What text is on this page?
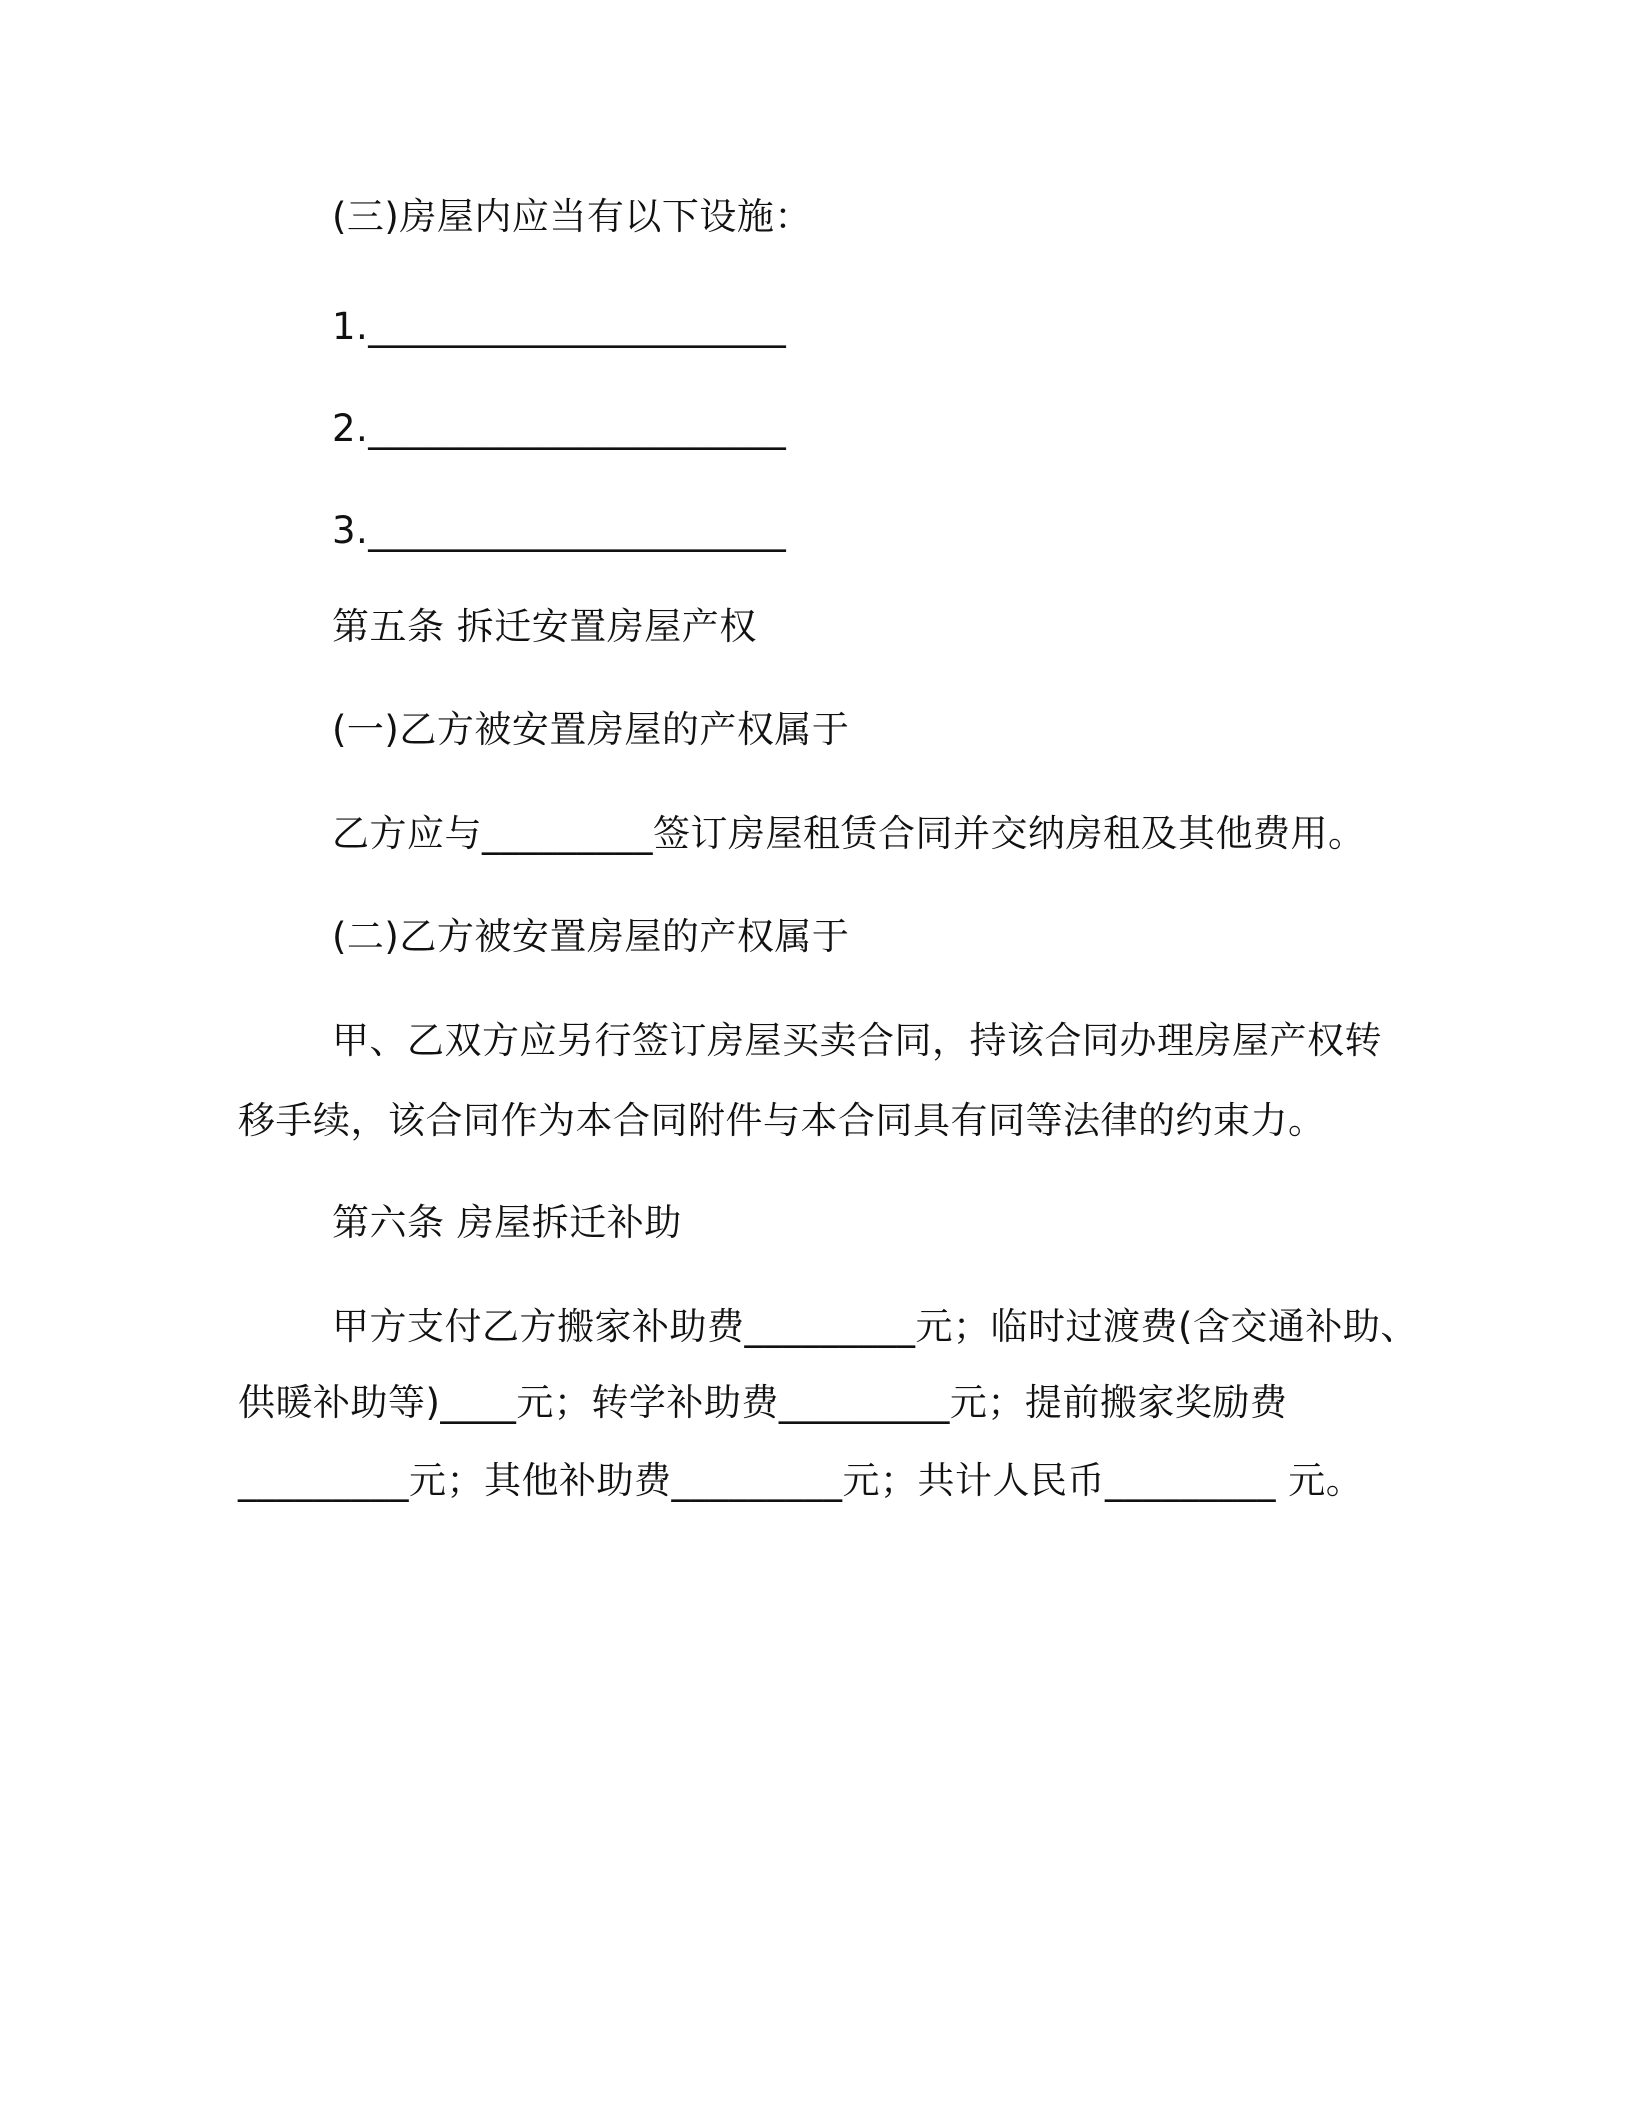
(三)房屋内应当有以下设施：
1.______________________
2.______________________
3.______________________
第五条 拆迁安置房屋产权
(一)乙方被安置房屋的产权属于
乙方应与_________签订房屋租赁合同并交纳房租及其他费用。
(二)乙方被安置房屋的产权属于
甲、乙双方应另行签订房屋买卖合同，持该合同办理房屋产权转
移手续，该合同作为本合同附件与本合同具有同等法律的约束力。
第六条 房屋拆迁补助
甲方支付乙方搬家补助费_________元；临时过渡费(含交通补助、
供暖补助等)____元；转学补助费_________元；提前搬家奖励费
_________元；其他补助费_________元；共计人民币_________ 元。
